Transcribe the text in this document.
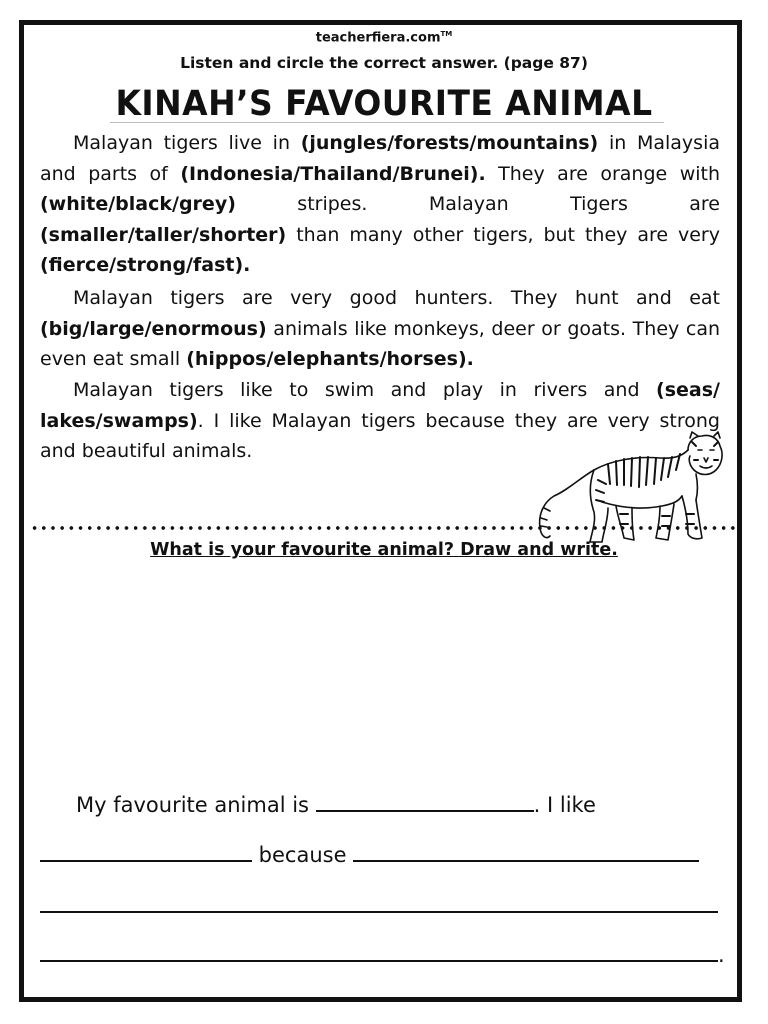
teacherfiera.com™
Listen and circle the correct answer. (page 87)
KINAH’S FAVOURITE ANIMAL

Malayan tigers live in (jungles/forests/mountains) in Malaysia and parts of (Indonesia/Thailand/Brunei). They are orange with (white/black/grey) stripes. Malayan Tigers are (smaller/taller/shorter) than many other tigers, but they are very (fierce/strong/fast).

Malayan tigers are very good hunters. They hunt and eat (big/large/enormous) animals like monkeys, deer or goats. They can even eat small (hippos/elephants/horses).

Malayan tigers like to swim and play in rivers and (seas/ lakes/swamps). I like Malayan tigers because they are very strong and beautiful animals.

What is your favourite animal? Draw and write.
My favourite animal is	. I like
because
.
